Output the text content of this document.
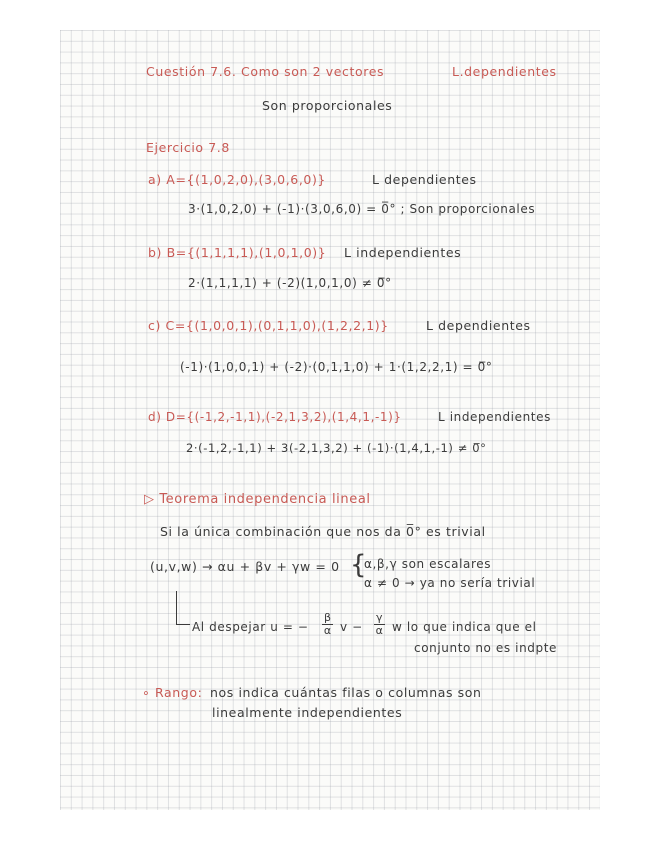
Cuestión 7.6. Como son 2 vectores	L.dependientes
Son proporcionales
Ejercicio 7.8
a) A={(1,0,2,0),(3,0,6,0)}	L dependientes
3·(1,0,2,0) + (-1)·(3,0,6,0) = 0̅° ; Son proporcionales
b) B={(1,1,1,1),(1,0,1,0)} L independientes
2·(1,1,1,1) + (-2)(1,0,1,0) ≠ 0̅°
c) C={(1,0,0,1),(0,1,1,0),(1,2,2,1)}	L dependientes
(-1)·(1,0,0,1) + (-2)·(0,1,1,0) + 1·(1,2,2,1) = 0̅°
d) D={(-1,2,-1,1),(-2,1,3,2),(1,4,1,-1)}	L independientes
2·(-1,2,-1,1) + 3(-2,1,3,2) + (-1)·(1,4,1,-1) ≠ 0̅°
▷ Teorema independencia lineal
Si la única combinación que nos da 0̅° es trivial
(u,v,w) → αu + βv + γw = 0 {
α,β,γ son escalares
α ≠ 0 → ya no sería trivial
Al despejar u = − $\frac{\beta}{\alpha}$ $v - \frac{\gamma}{\alpha}$ w lo que indica que el
conjunto no es indpte
∘ Rango: nos indica cuántas filas o columnas son
linealmente independientes
